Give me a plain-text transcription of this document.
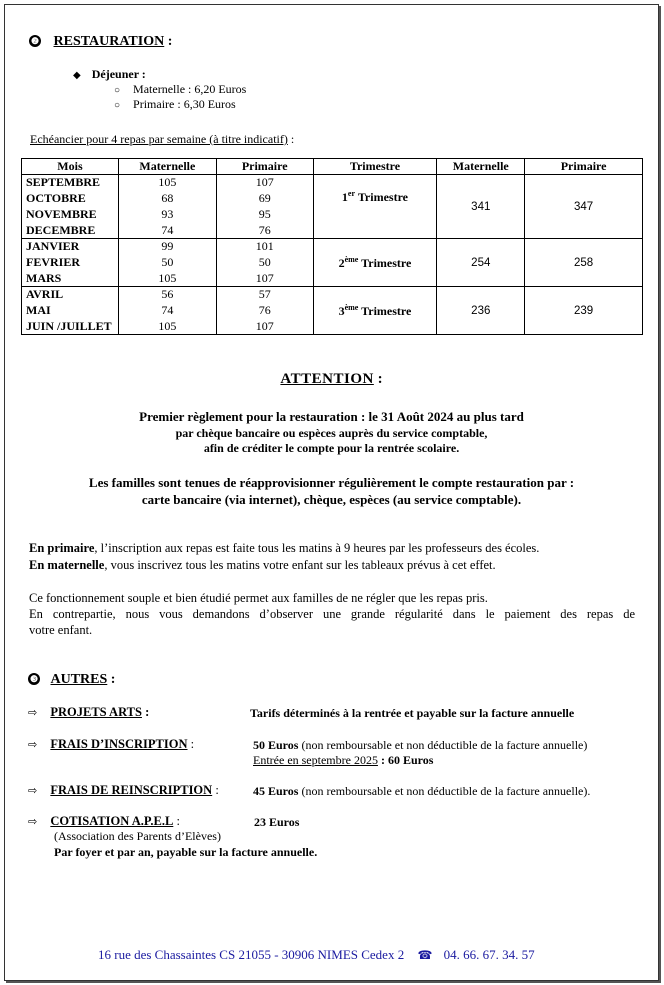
❷ RESTAURATION :
◆ Déjeuner :
○ Maternelle : 6,20 Euros
○ Primaire : 6,30 Euros
Echéancier pour 4 repas par semaine (à titre indicatif) :
Mois	Maternelle	Primaire	Trimestre	Maternelle	Primaire
SEPTEMBRE	105	107	1er Trimestre	341	347
OCTOBRE	68	69			
NOVEMBRE	93	95			
DECEMBRE	74	76			
JANVIER	99	101	2ème Trimestre	254	258
FEVRIER	50	50			
MARS	105	107			
AVRIL	56	57	3ème Trimestre	236	239
MAI	74	76			
JUIN /JUILLET	105	107			
ATTENTION :
Premier règlement pour la restauration : le 31 Août 2024 au plus tard
par chèque bancaire ou espèces auprès du service comptable,
afin de créditer le compte pour la rentrée scolaire.
Les familles sont tenues de réapprovisionner régulièrement le compte restauration par :
carte bancaire (via internet), chèque, espèces (au service comptable).
En primaire, l’inscription aux repas est faite tous les matins à 9 heures par les professeurs des écoles.
En maternelle, vous inscrivez tous les matins votre enfant sur les tableaux prévus à cet effet.
Ce fonctionnement souple et bien étudié permet aux familles de ne régler que les repas pris.
En contrepartie, nous vous demandons d’observer une grande régularité dans le paiement des repas de
votre enfant.
❸ AUTRES :
⇨ PROJETS ARTS :	Tarifs déterminés à la rentrée et payable sur la facture annuelle
⇨ FRAIS D’INSCRIPTION :	50 Euros (non remboursable et non déductible de la facture annuelle)
Entrée en septembre 2025 : 60 Euros
⇨ FRAIS DE REINSCRIPTION :	45 Euros (non remboursable et non déductible de la facture annuelle).
⇨ COTISATION A.P.E.L :	23 Euros
(Association des Parents d’Elèves)
Par foyer et par an, payable sur la facture annuelle.
16 rue des Chassaintes CS 21055 - 30906 NIMES Cedex 2 ☎ 04. 66. 67. 34. 57
